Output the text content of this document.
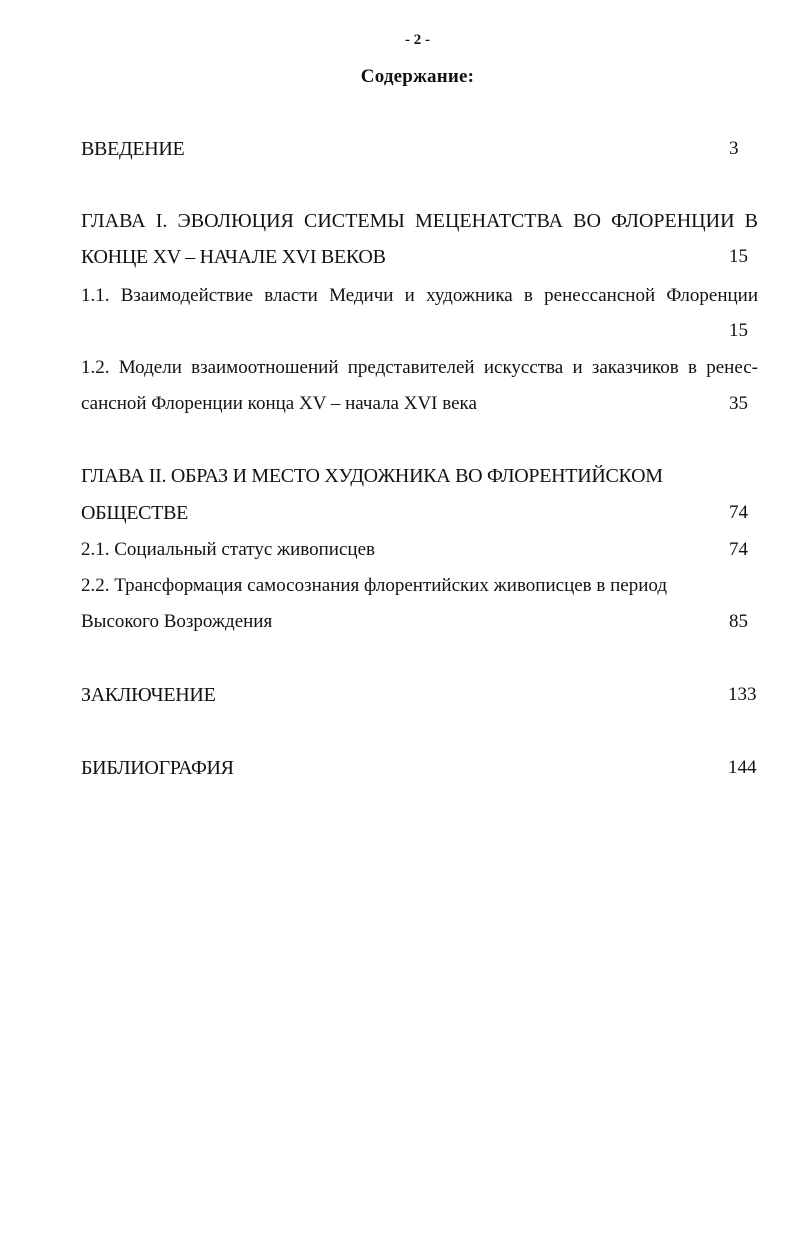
- 2 -
Содержание:
ВВЕДЕНИЕ	3
ГЛАВА I. ЭВОЛЮЦИЯ СИСТЕМЫ МЕЦЕНАТСТВА ВО ФЛОРЕНЦИИ В
КОНЦЕ XV – НАЧАЛЕ XVI ВЕКОВ	15
1.1. Взаимодействие власти Медичи и художника в ренессансной Флоренции
15
1.2. Модели взаимоотношений представителей искусства и заказчиков в ренес-
сансной Флоренции конца XV – начала XVI века	35
ГЛАВА II. ОБРАЗ И МЕСТО ХУДОЖНИКА ВО ФЛОРЕНТИЙСКОМ
ОБЩЕСТВЕ	74
2.1. Социальный статус живописцев	74
2.2. Трансформация самосознания флорентийских живописцев в период
Высокого Возрождения	85
ЗАКЛЮЧЕНИЕ	133
БИБЛИОГРАФИЯ	144
